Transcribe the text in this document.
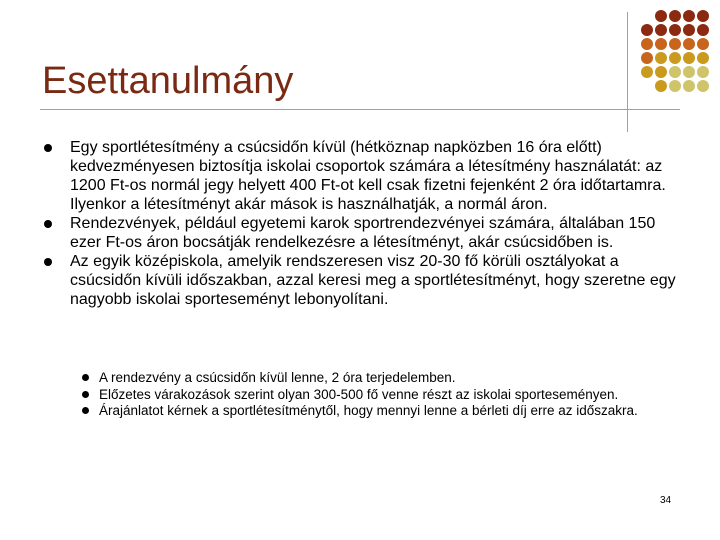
Esettanulmány
Egy sportlétesítmény a csúcsidőn kívül (hétköznap napközben 16 óra előtt) kedvezményesen biztosítja iskolai csoportok számára a létesítmény használatát: az 1200 Ft-os normál jegy helyett 400 Ft-ot kell csak fizetni fejenként 2 óra időtartamra. Ilyenkor a létesítményt akár mások is használhatják, a normál áron.
Rendezvények, például egyetemi karok sportrendezvényei számára, általában 150 ezer Ft-os áron bocsátják rendelkezésre a létesítményt, akár csúcsidőben is.
Az egyik középiskola, amelyik rendszeresen visz 20-30 fő körüli osztályokat a csúcsidőn kívüli időszakban, azzal keresi meg a sportlétesítményt, hogy szeretne egy nagyobb iskolai sporteseményt lebonyolítani.
A rendezvény a csúcsidőn kívül lenne, 2 óra terjedelemben.
Előzetes várakozások szerint olyan 300-500 fő venne részt az iskolai sporteseményen.
Árajánlatot kérnek a sportlétesítménytől, hogy mennyi lenne a bérleti díj erre az időszakra.
34
